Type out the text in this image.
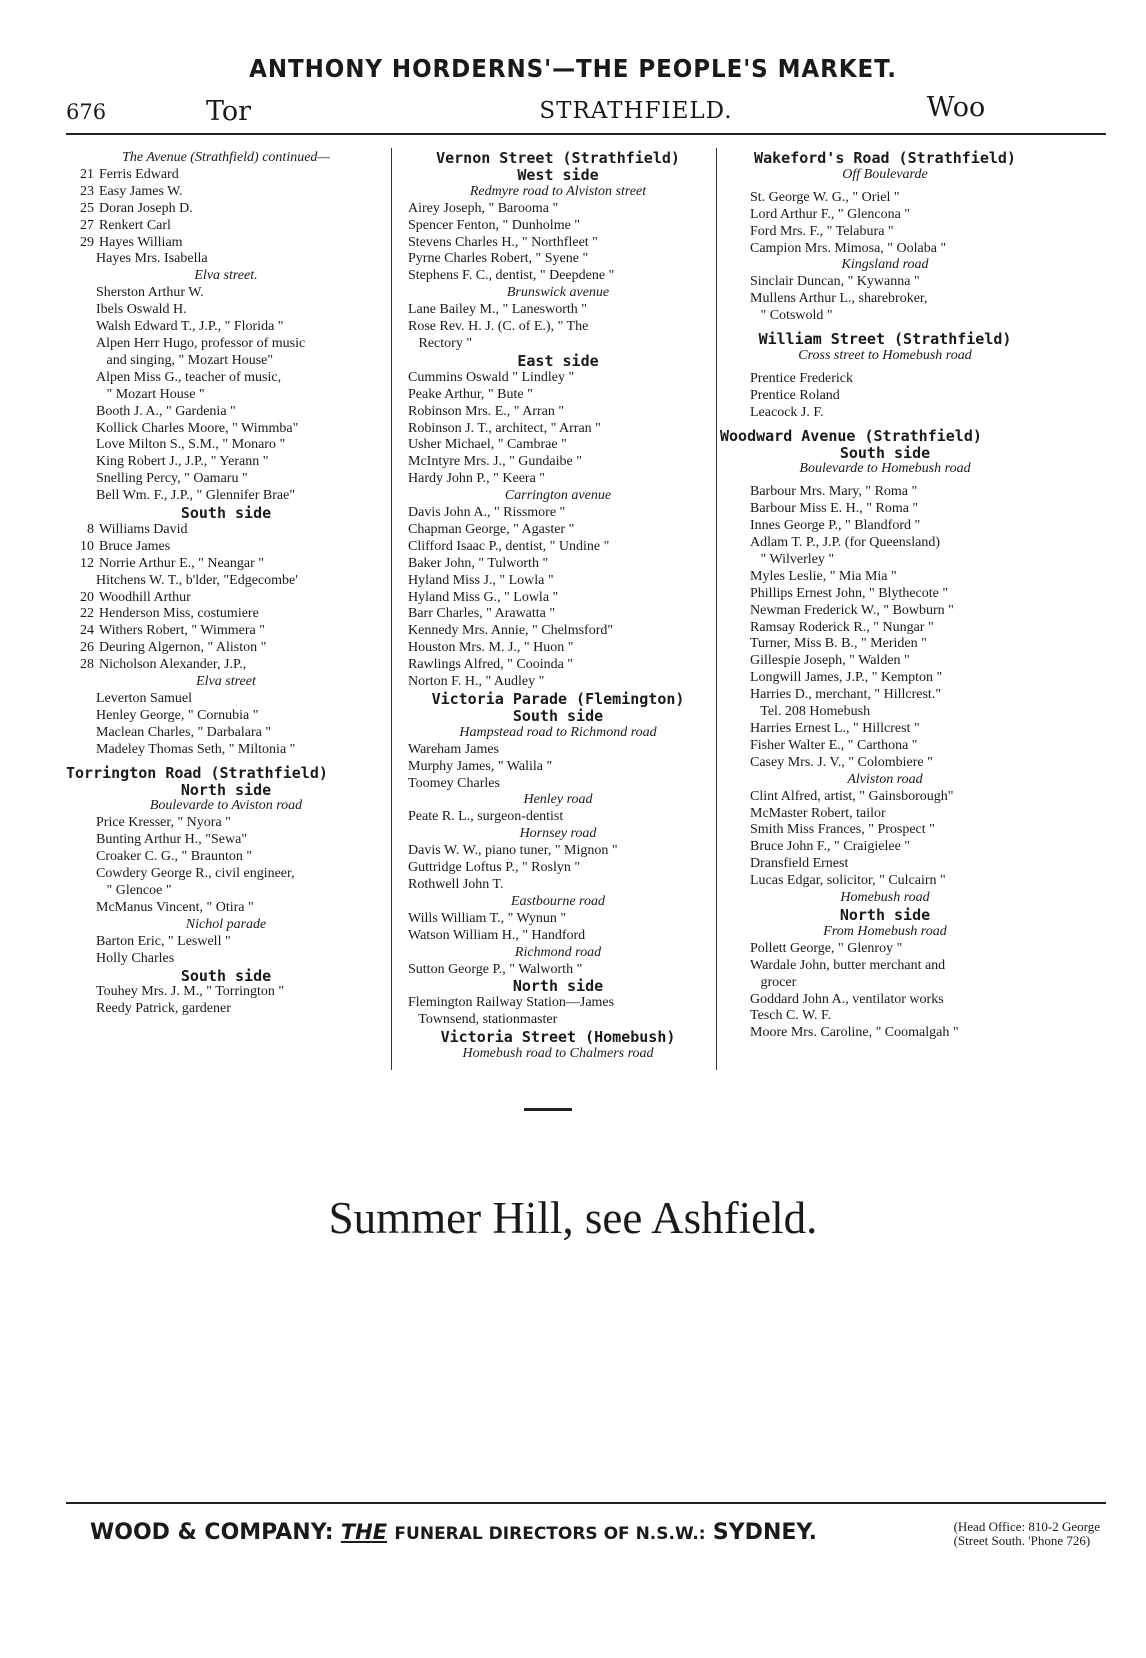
ANTHONY HORDERNS'—THE PEOPLE'S MARKET.
676	Tor	STRATHFIELD.	Woo
The Avenue (Strathfield) continued—
21 Ferris Edward
23 Easy James W.
25 Doran Joseph D.
27 Renkert Carl
29 Hayes William
Hayes Mrs. Isabella
Elva street.
Sherston Arthur W.
Ibels Oswald H.
Walsh Edward T., J.P., " Florida "
Alpen Herr Hugo, professor of music
and singing, " Mozart House"
Alpen Miss G., teacher of music,
" Mozart House "
Booth J. A., " Gardenia "
Kollick Charles Moore, " Wimmba"
Love Milton S., S.M., " Monaro "
King Robert J., J.P., " Yerann "
Snelling Percy, " Oamaru "
Bell Wm. F., J.P., " Glennifer Brae"
South side
8 Williams David
10 Bruce James
12 Norrie Arthur E., " Neangar "
Hitchens W. T., b'lder, "Edgecombe'
20 Woodhill Arthur
22 Henderson Miss, costumiere
24 Withers Robert, " Wimmera "
26 Deuring Algernon, " Aliston "
28 Nicholson Alexander, J.P.,
Elva street
Leverton Samuel
Henley George, " Cornubia "
Maclean Charles, " Darbalara "
Madeley Thomas Seth, " Miltonia "
Torrington Road (Strathfield)
North side
Boulevarde to Aviston road
Price Kresser, " Nyora "
Bunting Arthur H., "Sewa"
Croaker C. G., " Braunton "
Cowdery George R., civil engineer,
" Glencoe "
McManus Vincent, " Otira "
Nichol parade
Barton Eric, " Leswell "
Holly Charles
South side
Touhey Mrs. J. M., " Torrington "
Reedy Patrick, gardener
Vernon Street (Strathfield)
West side
Redmyre road to Alviston street
Airey Joseph, " Barooma "
Spencer Fenton, " Dunholme "
Stevens Charles H., " Northfleet "
Pyrne Charles Robert, " Syene "
Stephens F. C., dentist, " Deepdene "
Brunswick avenue
Lane Bailey M., " Lanesworth "
Rose Rev. H. J. (C. of E.), " The
Rectory "
East side
Cummins Oswald " Lindley "
Peake Arthur, " Bute "
Robinson Mrs. E., " Arran "
Robinson J. T., architect, " Arran "
Usher Michael, " Cambrae "
McIntyre Mrs. J., " Gundaibe "
Hardy John P., " Keera "
Carrington avenue
Davis John A., " Rissmore "
Chapman George, " Agaster "
Clifford Isaac P., dentist, " Undine "
Baker John, " Tulworth "
Hyland Miss J., " Lowla "
Hyland Miss G., " Lowla "
Barr Charles, " Arawatta "
Kennedy Mrs. Annie, " Chelmsford"
Houston Mrs. M. J., " Huon "
Rawlings Alfred, " Cooinda "
Norton F. H., " Audley "
Victoria Parade (Flemington)
South side
Hampstead road to Richmond road
Wareham James
Murphy James, " Walila "
Toomey Charles
Henley road
Peate R. L., surgeon-dentist
Hornsey road
Davis W. W., piano tuner, " Mignon "
Guttridge Loftus P., " Roslyn "
Rothwell John T.
Eastbourne road
Wills William T., " Wynun "
Watson William H., " Handford
Richmond road
Sutton George P., " Walworth "
North side
Flemington Railway Station—James
Townsend, stationmaster
Victoria Street (Homebush)
Homebush road to Chalmers road
Wakeford's Road (Strathfield)
Off Boulevarde
St. George W. G., " Oriel "
Lord Arthur F., " Glencona "
Ford Mrs. F., " Telabura "
Campion Mrs. Mimosa, " Oolaba "
Kingsland road
Sinclair Duncan, " Kywanna "
Mullens Arthur L., sharebroker,
" Cotswold "
William Street (Strathfield)
Cross street to Homebush road
Prentice Frederick
Prentice Roland
Leacock J. F.
Woodward Avenue (Strathfield)
South side
Boulevarde to Homebush road
Barbour Mrs. Mary, " Roma "
Barbour Miss E. H., " Roma "
Innes George P., " Blandford "
Adlam T. P., J.P. (for Queensland)
" Wilverley "
Myles Leslie, " Mia Mia "
Phillips Ernest John, " Blythecote "
Newman Frederick W., " Bowburn "
Ramsay Roderick R., " Nungar "
Turner, Miss B. B., " Meriden "
Gillespie Joseph, " Walden "
Longwill James, J.P., " Kempton "
Harries D., merchant, " Hillcrest."
Tel. 208 Homebush
Harries Ernest L., " Hillcrest "
Fisher Walter E., " Carthona "
Casey Mrs. J. V., " Colombiere "
Alviston road
Clint Alfred, artist, " Gainsborough"
McMaster Robert, tailor
Smith Miss Frances, " Prospect "
Bruce John F., " Craigielee "
Dransfield Ernest
Lucas Edgar, solicitor, " Culcairn "
Homebush road
North side
From Homebush road
Pollett George, " Glenroy "
Wardale John, butter merchant and
grocer
Goddard John A., ventilator works
Tesch C. W. F.
Moore Mrs. Caroline, " Coomalgah "
Summer Hill, see Ashfield.
WOOD & COMPANY: THE FUNERAL DIRECTORS OF N.S.W.: SYDNEY.	(Head Office: 810-2 George
(Street South. 'Phone 726)
